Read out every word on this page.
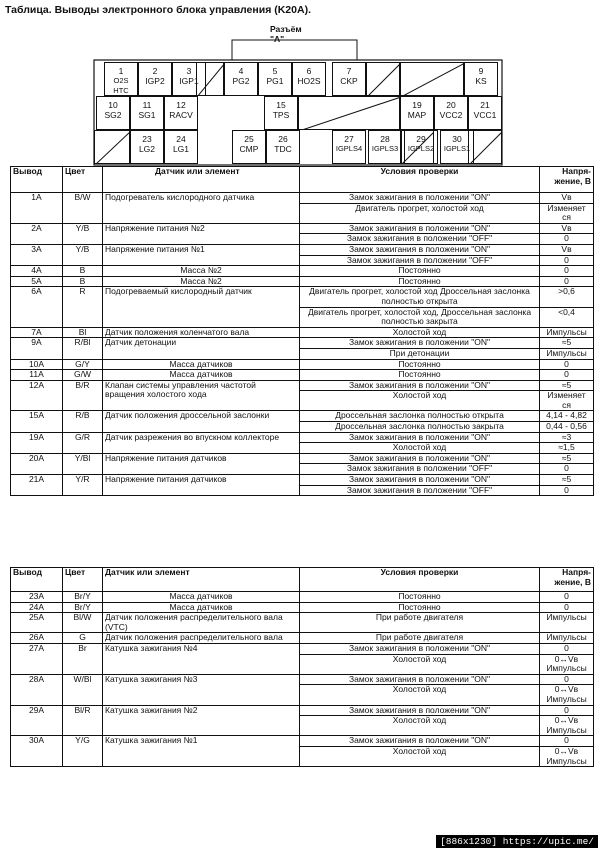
Таблица. Выводы электронного блока управления (K20A).
Разъём "A"
1
O2S HTC
2
IGP2
3
IGP1
4
PG2
5
PG1
6
HO2S
7
CKP
9
KS
10
SG2
11
SG1
12
RACV
15
TPS
19
MAP
20
VCC2
21
VCC1
23
LG2
24
LG1
25
CMP
26
TDC
27
IGPLS4
28
IGPLS3
29
IGPLS2
30
IGPLS1
Вывод	Цвет	Датчик или элемент	Условия проверки	Напря-жение, В
1A	B/W	Подогреватель кислородного датчика	Замок зажигания в положении "ON"	Vв
			Двигатель прогрет, холостой ход	Изменяет ся
2A	Y/B	Напряжение питания №2	Замок зажигания в положении "ON"	Vв
			Замок зажигания в положении "OFF"	0
3A	Y/B	Напряжение питания №1	Замок зажигания в положении "ON"	Vв
			Замок зажигания в положении "OFF"	0
4A	B	Масса №2	Постоянно	0
5A	B	Масса №2	Постоянно	0
6A	R	Подогреваемый кислородный датчик	Двигатель прогрет, холостой ход Дроссельная заслонка полностью открыта	>0,6
			Двигатель прогрет, холостой ход, Дроссельная заслонка полностью закрыта	<0,4
7A	Bl	Датчик положения коленчатого вала	Холостой ход	Импульсы
9A	R/Bl	Датчик детонации	Замок зажигания в положении "ON"	≈5
			При детонации	Импульсы
10A	G/Y	Масса датчиков	Постоянно	0
11A	G/W	Масса датчиков	Постоянно	0
12A	B/R	Клапан системы управления частотой вращения холостого хода	Замок зажигания в положении "ON"	≈5
			Холостой ход	Изменяет ся
15A	R/B	Датчик положения дроссельной заслонки	Дроссельная заслонка полностью открыта	4,14 - 4,82
			Дроссельная заслонка полностью закрыта	0,44 - 0,56
19A	G/R	Датчик разрежения во впускном коллекторе	Замок зажигания в положении "ON"	≈3
			Холостой ход	≈1,5
20A	Y/Bl	Напряжение питания датчиков	Замок зажигания в положении "ON"	≈5
			Замок зажигания в положении "OFF"	0
21A	Y/R	Напряжение питания датчиков	Замок зажигания в положении "ON"	≈5
			Замок зажигания в положении "OFF"	0
Вывод	Цвет	Датчик или элемент	Условия проверки	Напря-жение, В
23A	Br/Y	Масса датчиков	Постоянно	0
24A	Br/Y	Масса датчиков	Постоянно	0
25A	Bl/W	Датчик положения распределительного вала (VTC)	При работе двигателя	Импульсы
26A	G	Датчик положения распределительного вала	При работе двигателя	Импульсы
27A	Br	Катушка зажигания №4	Замок зажигания в положении "ON"	0
			Холостой ход	0↔Vв Импульсы
28A	W/Bl	Катушка зажигания №3	Замок зажигания в положении "ON"	0
			Холостой ход	0↔Vв Импульсы
29A	Bl/R	Катушка зажигания №2	Замок зажигания в положении "ON"	0
			Холостой ход	0↔Vв Импульсы
30A	Y/G	Катушка зажигания №1	Замок зажигания в положении "ON"	0
			Холостой ход	0↔Vв Импульсы
[886x1230] https://upic.me/
